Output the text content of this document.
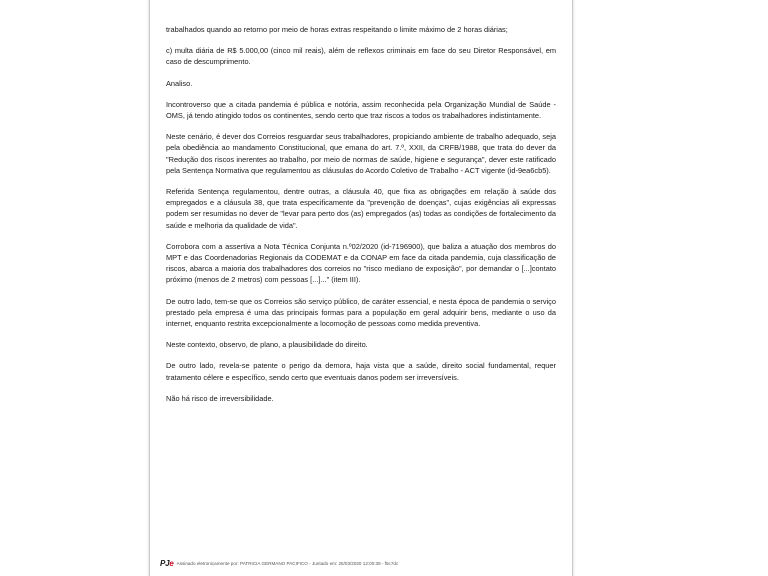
trabalhados quando ao retorno por meio de horas extras respeitando o limite máximo de 2 horas diárias;

c) multa diária de R$ 5.000,00 (cinco mil reais), além de reflexos criminais em face do seu Diretor Responsável, em caso de descumprimento.

Analiso.

Incontroverso que a citada pandemia é pública e notória, assim reconhecida pela Organização Mundial de Saúde - OMS, já tendo atingido todos os continentes, sendo certo que traz riscos a todos os trabalhadores indistintamente.

Neste cenário, é dever dos Correios resguardar seus trabalhadores, propiciando ambiente de trabalho adequado, seja pela obediência ao mandamento Constitucional, que emana do art. 7.º, XXII, da CRFB/1988, que trata do dever da "Redução dos riscos inerentes ao trabalho, por meio de normas de saúde, higiene e segurança", dever este ratificado pela Sentença Normativa que regulamentou as cláusulas do Acordo Coletivo de Trabalho - ACT vigente (id-9ea6cb5).

Referida Sentença regulamentou, dentre outras, a cláusula 40, que fixa as obrigações em relação à saúde dos empregados e a cláusula 38, que trata especificamente da "prevenção de doenças", cujas exigências ali expressas podem ser resumidas no dever de "levar para perto dos (as) empregados (as) todas as condições de fortalecimento da saúde e melhoria da qualidade de vida".

Corrobora com a assertiva a Nota Técnica Conjunta n.º02/2020 (id-7196900), que baliza a atuação dos membros do MPT e das Coordenadorias Regionais da CODEMAT e da CONAP em face da citada pandemia, cuja classificação de riscos, abarca a maioria dos trabalhadores dos correios no "risco mediano de exposição", por demandar o [...]contato próximo (menos de 2 metros) com pessoas [...]..." (item III).

De outro lado, tem-se que os Correios são serviço público, de caráter essencial, e nesta época de pandemia o serviço prestado pela empresa é uma das principais formas para a população em geral adquirir bens, mediante o uso da internet, enquanto restrita excepcionalmente a locomoção de pessoas como medida preventiva.

Neste contexto, observo, de plano, a plausibilidade do direito.

De outro lado, revela-se patente o perigo da demora, haja vista que a saúde, direito social fundamental, requer tratamento célere e específico, sendo certo que eventuais danos podem ser irreversíveis.

Não há risco de irreversibilidade.

PJe Assinado eletronicamente por: PATRICIA GERMANO PACIFICO - Juntado em: 25/03/2020 12:00:38 - f5c7dc
